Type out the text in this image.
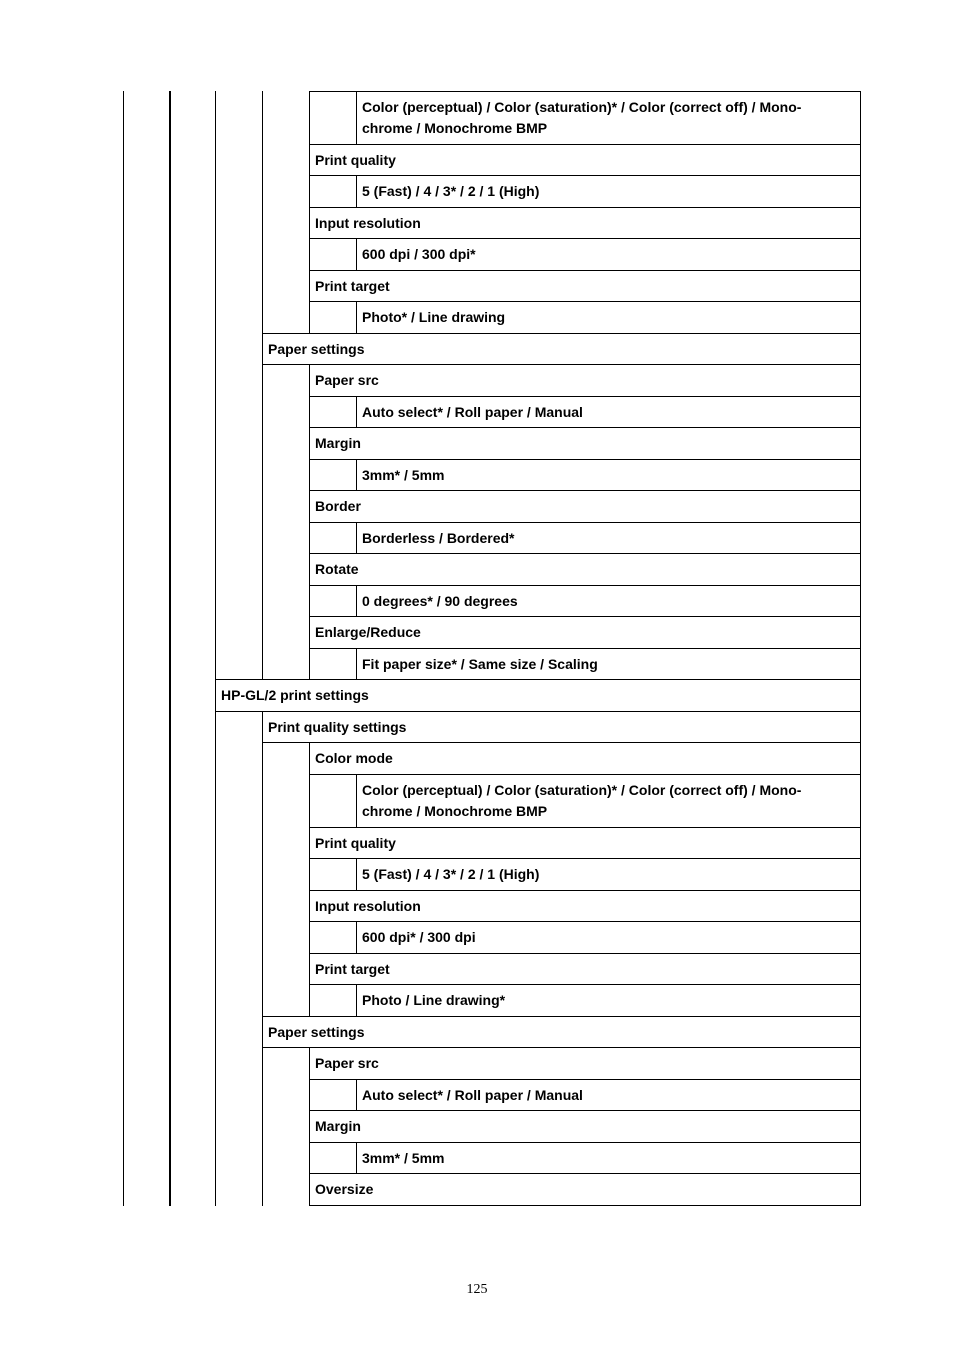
Color (perceptual) / Color (saturation)* / Color (correct off) / Mono-
chrome / Monochrome BMP
Print quality
5 (Fast) / 4 / 3* / 2 / 1 (High)
Input resolution
600 dpi / 300 dpi*
Print target
Photo* / Line drawing
Paper settings
Paper src
Auto select* / Roll paper / Manual
Margin
3mm* / 5mm
Border
Borderless / Bordered*
Rotate
0 degrees* / 90 degrees
Enlarge/Reduce
Fit paper size* / Same size / Scaling
HP-GL/2 print settings
Print quality settings
Color mode
Color (perceptual) / Color (saturation)* / Color (correct off) / Mono-
chrome / Monochrome BMP
Print quality
5 (Fast) / 4 / 3* / 2 / 1 (High)
Input resolution
600 dpi* / 300 dpi
Print target
Photo / Line drawing*
Paper settings
Paper src
Auto select* / Roll paper / Manual
Margin
3mm* / 5mm
Oversize
125
